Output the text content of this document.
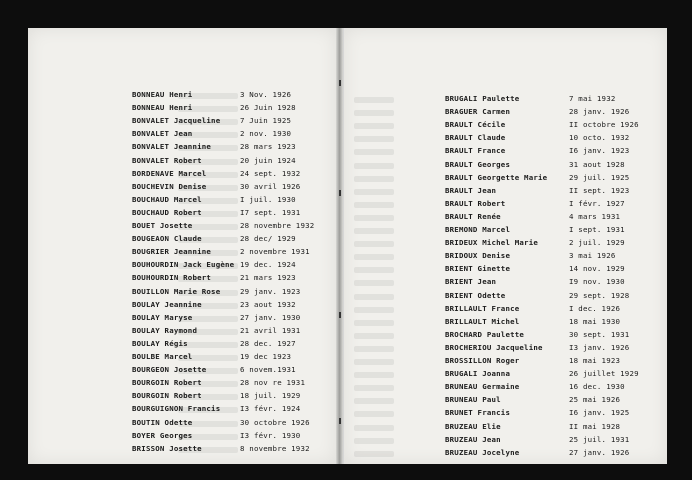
BONNEAU Henri	3 Nov. 1926
BONNEAU Henri	26 Juin 1928
BONVALET Jacqueline	7 Juin 1925
BONVALET Jean	2 nov. 1930
BONVALET Jeannine	28 mars 1923
BONVALET Robert	20 juin 1924
BORDENAVE Marcel	24 sept. 1932
BOUCHEVIN Denise	30 avril 1926
BOUCHAUD Marcel	I juil. 1930
BOUCHAUD Robert	I7 sept. 1931
BOUET Josette	28 novembre 1932
BOUGEAON Claude	28 dec/ 1929
BOUGRIER Jeannine	2 novembre 1931
BOUHOURDIN Jack Eugène 19 dec. 1924
BOUHOURDIN Robert	21 mars 1923
BOUILLON Marie Rose	29 janv. 1923
BOULAY Jeannine	23 aout 1932
BOULAY Maryse	27 janv. 1930
BOULAY Raymond	21 avril 1931
BOULAY Régis	28 dec. 1927
BOULBE Marcel	19 dec 1923
BOURGEON Josette	6 novem.1931
BOURGOIN Robert	28 nov re 1931
BOURGOIN Robert	18 juil. 1929
BOURGUIGNON Francis	I3 févr. 1924
BOUTIN Odette	30 octobre 1926
BOYER Georges	I3 févr. 1930
BRISSON Josette	8 novembre 1932
BRUGALI Paulette	7 mai 1932
BRAGUER Carmen	28 janv. 1926
BRAULT Cécile	II octobre 1926
BRAULT Claude	10 octo. 1932
BRAULT France	I6 janv. 1923
BRAULT Georges	31 aout 1928
BRAULT Georgette Marie	29 juil. 1925
BRAULT Jean	II sept. 1923
BRAULT Robert	I févr. 1927
BRAULT Renée	4 mars 1931
BREMOND Marcel	I sept. 1931
BRIDEUX Michel Marie	2 juil. 1929
BRIDOUX Denise	3 mai 1926
BRIENT Ginette	14 nov. 1929
BRIENT Jean	I9 nov. 1930
BRIENT Odette	29 sept. 1928
BRILLAULT France	I dec. 1926
BRILLAULT Michel	18 mai 1930
BROCHARD Paulette	30 sept. 1931
BROCHERIOU Jacqueline	I3 janv. 1926
BROSSILLON Roger	18 mai 1923
BRUGALI Joanna	26 juillet 1929
BRUNEAU Germaine	16 dec. 1930
BRUNEAU Paul	25 mai 1926
BRUNET Francis	I6 janv. 1925
BRUZEAU Elie	II mai 1928
BRUZEAU Jean	25 juil. 1931
BRUZEAU Jocelyne	27 janv. 1926
